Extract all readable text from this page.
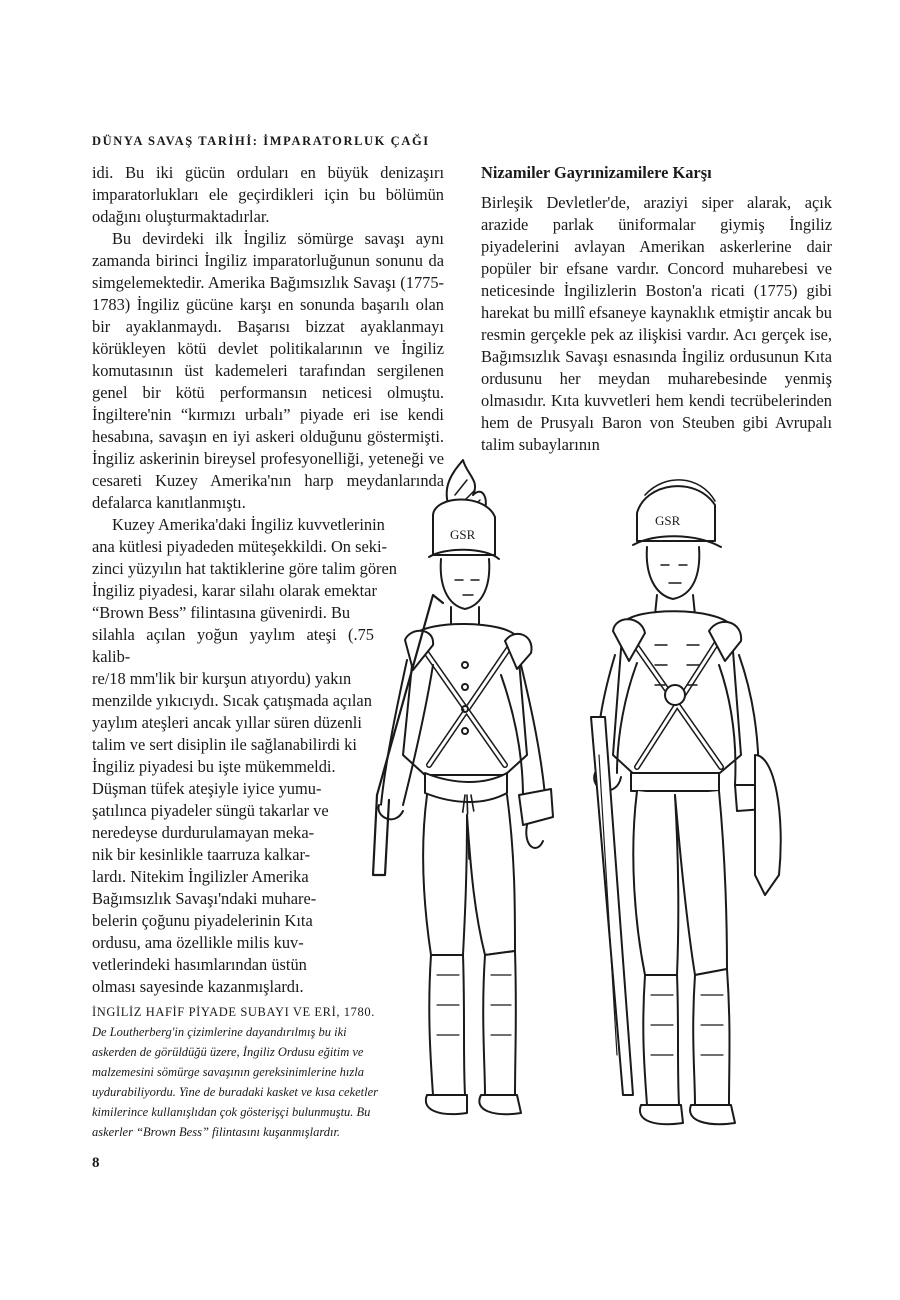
DÜNYA SAVAŞ TARİHİ: İMPARATORLUK ÇAĞI

idi. Bu iki gücün orduları en büyük denizaşırı imparatorlukları ele geçirdikleri için bu bölümün odağını oluşturmaktadırlar.

Bu devirdeki ilk İngiliz sömürge savaşı aynı zamanda birinci İngiliz imparatorluğunun sonunu da simgelemektedir. Amerika Bağımsızlık Savaşı (1775-1783) İngiliz gücüne karşı en sonunda başarılı olan bir ayaklanmaydı. Başarısı bizzat ayaklanmayı körükleyen kötü devlet politikalarının ve İngiliz komutasının üst kademeleri tarafından sergilenen genel bir kötü performansın neticesi olmuştu. İngiltere'nin “kırmızı urbalı” piyade eri ise kendi hesabına, savaşın en iyi askeri olduğunu göstermişti. İngiliz askerinin bireysel profesyonelliği, yeteneği ve cesareti Kuzey Amerika'nın harp meydanlarında defalarca kanıtlanmıştı.

Kuzey Amerika'daki İngiliz kuvvetlerinin
ana kütlesi piyadeden müteşekkildi. On seki-
zinci yüzyılın hat taktiklerine göre talim gören
İngiliz piyadesi, karar silahı olarak emektar
“Brown Bess” filintasına güvenirdi. Bu
silahla açılan yoğun yaylım ateşi (.75 kalib-
re/18 mm'lik bir kurşun atıyordu) yakın
menzilde yıkıcıydı. Sıcak çatışmada açılan
yaylım ateşleri ancak yıllar süren düzenli
talim ve sert disiplin ile sağlanabilirdi ki
İngiliz piyadesi bu işte mükemmeldi.
Düşman tüfek ateşiyle iyice yumu-
şatılınca piyadeler süngü takarlar ve
neredeyse durdurulamayan meka-
nik bir kesinlikle taarruza kalkar-
lardı. Nitekim İngilizler Amerika
Bağımsızlık Savaşı'ndaki muhare-
belerin çoğunu piyadelerinin Kıta
ordusu, ama özellikle milis kuv-
vetlerindeki hasımlarından üstün
olması sayesinde kazanmışlardı.

Nizamiler Gayrınizamilere Karşı

Birleşik Devletler'de, araziyi siper alarak, açık arazide parlak üniformalar giymiş İngiliz piyadelerini avlayan Amerikan askerlerine dair popüler bir efsane vardır. Concord muharebesi ve neticesinde İngilizlerin Boston'a ricati (1775) gibi harekat bu millî efsaneye kaynaklık etmiştir ancak bu resmin gerçekle pek az ilişkisi vardır. Acı gerçek ise, Bağımsızlık Savaşı esnasında İngiliz ordusunun Kıta ordusunu her meydan muharebesinde yenmiş olmasıdır. Kıta kuvvetleri hem kendi tecrübelerinden hem de Prusyalı Baron von Steuben gibi Avrupalı talim subaylarının

GSR
GSR
İNGİLİZ HAFİF PİYADE SUBAYI VE ERİ, 1780.
De Loutherberg'in çizimlerine dayandırılmış bu iki askerden de görüldüğü üzere, İngiliz Ordusu eğitim ve malzemesini sömürge savaşının gereksinimlerine hızla uydurabiliyordu. Yine de buradaki kasket ve kısa ceketler kimilerince kullanışlıdan çok gösterişçi bulunmuştu. Bu askerler “Brown Bess” filintasını kuşanmışlardır.
8
